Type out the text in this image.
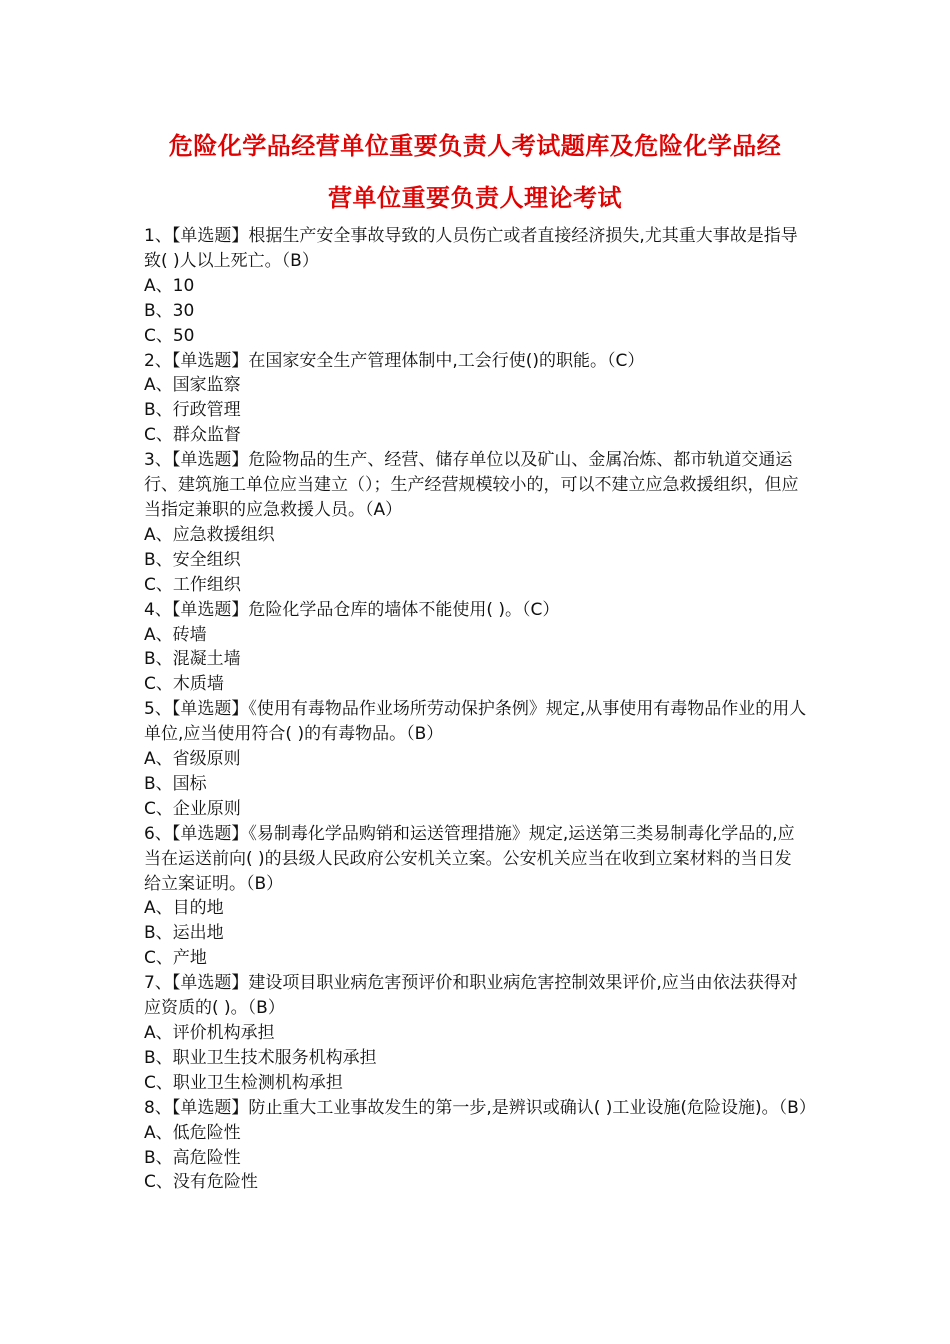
危险化学品经营单位重要负责人考试题库及危险化学品经
营单位重要负责人理论考试

1、【单选题】根据生产安全事故导致的人员伤亡或者直接经济损失,尤其重大事故是指导致( )人以上死亡。（B）

A、10

B、30

C、50

2、【单选题】在国家安全生产管理体制中,工会行使()的职能。（C）

A、国家监察

B、行政管理

C、群众监督

3、【单选题】危险物品的生产、经营、储存单位以及矿山、金属冶炼、都市轨道交通运行、建筑施工单位应当建立（）；生产经营规模较小的，可以不建立应急救援组织，但应当指定兼职的应急救援人员。（A）

A、应急救援组织

B、安全组织

C、工作组织

4、【单选题】危险化学品仓库的墙体不能使用( )。（C）

A、砖墙

B、混凝土墙

C、木质墙

5、【单选题】《使用有毒物品作业场所劳动保护条例》规定,从事使用有毒物品作业的用人单位,应当使用符合( )的有毒物品。（B）

A、省级原则

B、国标

C、企业原则

6、【单选题】《易制毒化学品购销和运送管理措施》规定,运送第三类易制毒化学品的,应当在运送前向( )的县级人民政府公安机关立案。公安机关应当在收到立案材料的当日发给立案证明。（B）

A、目的地

B、运出地

C、产地

7、【单选题】建设项目职业病危害预评价和职业病危害控制效果评价,应当由依法获得对应资质的( )。（B）

A、评价机构承担

B、职业卫生技术服务机构承担

C、职业卫生检测机构承担

8、【单选题】防止重大工业事故发生的第一步,是辨识或确认( )工业设施(危险设施)。（B）

A、低危险性

B、高危险性

C、没有危险性
